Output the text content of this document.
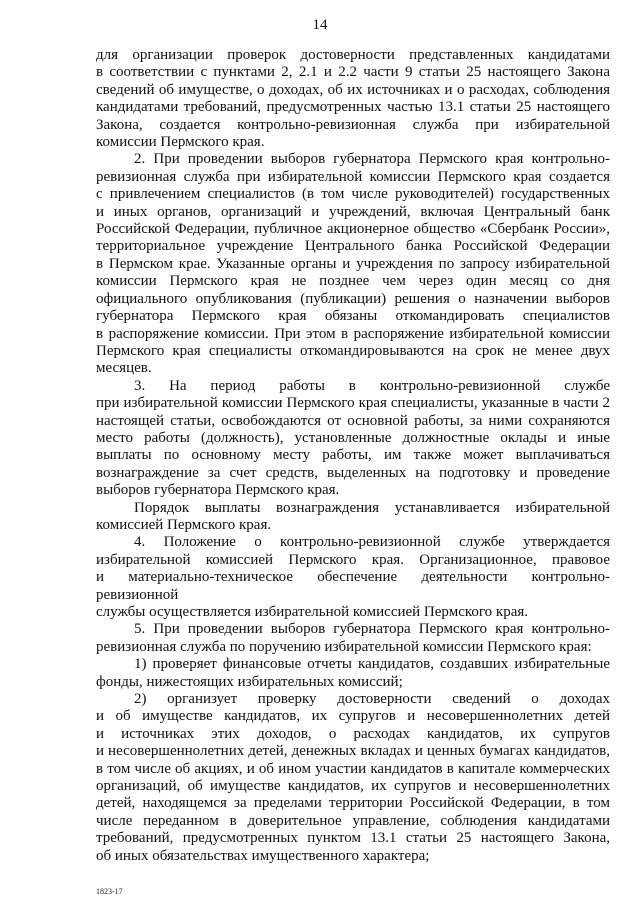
14

для организации проверок достоверности представленных кандидатами
в соответствии с пунктами 2, 2.1 и 2.2 части 9 статьи 25 настоящего Закона
сведений об имуществе, о доходах, об их источниках и о расходах, соблюдения
кандидатами требований, предусмотренных частью 13.1 статьи 25 настоящего
Закона, создается контрольно-ревизионная служба при избирательной
комиссии Пермского края.

2. При проведении выборов губернатора Пермского края контрольно-
ревизионная служба при избирательной комиссии Пермского края создается
с привлечением специалистов (в том числе руководителей) государственных
и иных органов, организаций и учреждений, включая Центральный банк
Российской Федерации, публичное акционерное общество «Сбербанк России»,
территориальное учреждение Центрального банка Российской Федерации
в Пермском крае. Указанные органы и учреждения по запросу избирательной
комиссии Пермского края не позднее чем через один месяц со дня
официального опубликования (публикации) решения о назначении выборов
губернатора Пермского края обязаны откомандировать специалистов
в распоряжение комиссии. При этом в распоряжение избирательной комиссии
Пермского края специалисты откомандировываются на срок не менее двух
месяцев.

3. На период работы в контрольно-ревизионной службе
при избирательной комиссии Пермского края специалисты, указанные в части 2
настоящей статьи, освобождаются от основной работы, за ними сохраняются
место работы (должность), установленные должностные оклады и иные
выплаты по основному месту работы, им также может выплачиваться
вознаграждение за счет средств, выделенных на подготовку и проведение
выборов губернатора Пермского края.

Порядок выплаты вознаграждения устанавливается избирательной
комиссией Пермского края.

4. Положение о контрольно-ревизионной службе утверждается
избирательной комиссией Пермского края. Организационное, правовое
и материально-техническое обеспечение деятельности контрольно-ревизионной
службы осуществляется избирательной комиссией Пермского края.

5. При проведении выборов губернатора Пермского края контрольно-
ревизионная служба по поручению избирательной комиссии Пермского края:

1) проверяет финансовые отчеты кандидатов, создавших избирательные
фонды, нижестоящих избирательных комиссий;

2) организует проверку достоверности сведений о доходах
и об имуществе кандидатов, их супругов и несовершеннолетних детей
и источниках этих доходов, о расходах кандидатов, их супругов
и несовершеннолетних детей, денежных вкладах и ценных бумагах кандидатов,
в том числе об акциях, и об ином участии кандидатов в капитале коммерческих
организаций, об имуществе кандидатов, их супругов и несовершеннолетних
детей, находящемся за пределами территории Российской Федерации, в том
числе переданном в доверительное управление, соблюдения кандидатами
требований, предусмотренных пунктом 13.1 статьи 25 настоящего Закона,
об иных обязательствах имущественного характера;

1823-17
